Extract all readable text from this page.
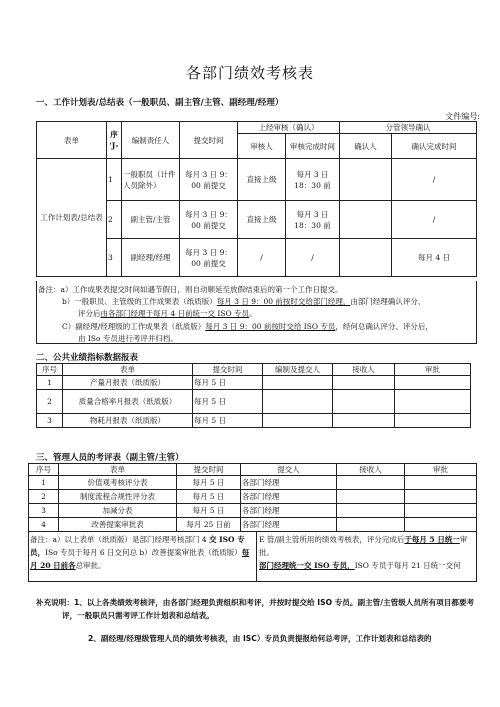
各部门绩效考核表
一、工作计划表/总结表（一般职员、副主管/主管、副经理/经理）
文件编号:
表单	序 'J-	编制责任人	提交时间	上经审核（确认）		分管领导确认	
				审核人	审核完成时间	确认人	确认完成时间
工作计划表/总结表	1	一般职员（计件人员除外）	每月 3 日 9：00 前提交	直接上级	每月 3 日 18：30 前		/
	2	副主管/主管	每月 3 日 9：00 前提交	直接上级	每月 3 日 18：30 前		/
	3	副经理/经理	每月 3 日 9：00 前提交	/	/		每月 4 日
备注：a）工作成果表提交时间如遇节假日，则自动顺延至放假结束后的第一个工作日提交。
b）一般职员、主管级的工作成果表（纸质版）每月 3 日 9：00 前按时交给部门经理，由部门经理确认评分、
评分后由各部门经理于每月 4 日前统一交 ISO 专员。
C）副经理/经理级的工作成果表（纸质版）每月 3 日 9：00 前按时交给 ISO 专员，经何总确认评分、评分后，
由 ISo 专员进行考评并归档。
二、公共业绩指标数据报表
序号	表单	提交时间	编制及提交人	接收人	审批
1	产量月报表（纸质版）	每月 5 日			
2	质量合格率月报表（纸质版）	每月 5 日			
3	物耗月报表（纸质版）	每月 5 日			
三、管理人员的考评表（副主管/主管）
序号	表单	提交时间	提交人	接收人	审批
1	价值观考核评分表	每月 5 日	各部门经理		
2	制度流程合规性评分表	每月 5 日	各部门经理		
3	加减分表	每月 5 日	各部门经理		
4	改善提案审批表	每月 25 日前	各部门经理		
备注：a）以上表单（纸质版）是部门经理考核部门 4 交 ISO 专员，ISo 专员于每月 6 日交何总 b）改善提案审批表（纸质版）每月 20 日前各总审批。
E 管/副主管所用的绩效考核表，评分完成后于每月 5 日统一审批。
部门经理统一交 ISO 专员，ISO 专员于每月 21 日统一交何
补充说明：1、以上各类绩效考核评，由各部门经理负责组织和考评，并按时提交给 ISO 专员。副主管/主管级人员所有项目都要考评，一般职员只需考评工作计划表和总结表。
2、副经理/经理级管理人员的绩效考核表，由 ISC）专员负责提报给何总考评，工作计划表和总结表的
